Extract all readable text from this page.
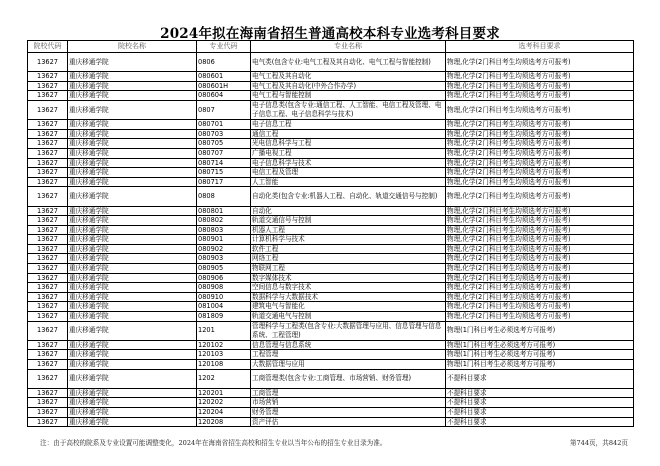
2024年拟在海南省招生普通高校本科专业选考科目要求
院校代码	院校名称	专业代码	专业名称	选考科目要求
13627	重庆移通学院	0806	电气类(包含专业:电气工程及其自动化、电气工程与智能控制)	物理,化学(2门科目考生均须选考方可报考)
13627	重庆移通学院	080601	电气工程及其自动化	物理,化学(2门科目考生均须选考方可报考)
13627	重庆移通学院	080601H	电气工程及其自动化(中外合作办学)	物理,化学(2门科目考生均须选考方可报考)
13627	重庆移通学院	080604	电气工程与智能控制	物理,化学(2门科目考生均须选考方可报考)
13627	重庆移通学院	0807	电子信息类(包含专业:通信工程、人工智能、电信工程及管理、电子信息工程、电子信息科学与技术)	物理,化学(2门科目考生均须选考方可报考)
13627	重庆移通学院	080701	电子信息工程	物理,化学(2门科目考生均须选考方可报考)
13627	重庆移通学院	080703	通信工程	物理,化学(2门科目考生均须选考方可报考)
13627	重庆移通学院	080705	光电信息科学与工程	物理,化学(2门科目考生均须选考方可报考)
13627	重庆移通学院	080707	广播电视工程	物理,化学(2门科目考生均须选考方可报考)
13627	重庆移通学院	080714	电子信息科学与技术	物理,化学(2门科目考生均须选考方可报考)
13627	重庆移通学院	080715	电信工程及管理	物理,化学(2门科目考生均须选考方可报考)
13627	重庆移通学院	080717	人工智能	物理,化学(2门科目考生均须选考方可报考)
13627	重庆移通学院	0808	自动化类(包含专业:机器人工程、自动化、轨道交通信号与控制)	物理,化学(2门科目考生均须选考方可报考)
13627	重庆移通学院	080801	自动化	物理,化学(2门科目考生均须选考方可报考)
13627	重庆移通学院	080802	轨道交通信号与控制	物理,化学(2门科目考生均须选考方可报考)
13627	重庆移通学院	080803	机器人工程	物理,化学(2门科目考生均须选考方可报考)
13627	重庆移通学院	080901	计算机科学与技术	物理,化学(2门科目考生均须选考方可报考)
13627	重庆移通学院	080902	软件工程	物理,化学(2门科目考生均须选考方可报考)
13627	重庆移通学院	080903	网络工程	物理,化学(2门科目考生均须选考方可报考)
13627	重庆移通学院	080905	物联网工程	物理,化学(2门科目考生均须选考方可报考)
13627	重庆移通学院	080906	数字媒体技术	物理,化学(2门科目考生均须选考方可报考)
13627	重庆移通学院	080908	空间信息与数字技术	物理,化学(2门科目考生均须选考方可报考)
13627	重庆移通学院	080910	数据科学与大数据技术	物理,化学(2门科目考生均须选考方可报考)
13627	重庆移通学院	081004	建筑电气与智能化	物理,化学(2门科目考生均须选考方可报考)
13627	重庆移通学院	081809	轨道交通电气与控制	物理,化学(2门科目考生均须选考方可报考)
13627	重庆移通学院	1201	管理科学与工程类(包含专业:大数据管理与应用、信息管理与信息系统、工程管理)	物理(1门科目考生必须选考方可报考)
13627	重庆移通学院	120102	信息管理与信息系统	物理(1门科目考生必须选考方可报考)
13627	重庆移通学院	120103	工程管理	物理(1门科目考生必须选考方可报考)
13627	重庆移通学院	120108	大数据管理与应用	物理(1门科目考生必须选考方可报考)
13627	重庆移通学院	1202	工商管理类(包含专业:工商管理、市场营销、财务管理)	不提科目要求
13627	重庆移通学院	120201	工商管理	不提科目要求
13627	重庆移通学院	120202	市场营销	不提科目要求
13627	重庆移通学院	120204	财务管理	不提科目要求
13627	重庆移通学院	120208	资产评估	不提科目要求
注：由于高校的院系及专业设置可能调整变化，2024年在海南省招生高校和招生专业以当年公布的招生专业目录为准。	第744页，共842页
